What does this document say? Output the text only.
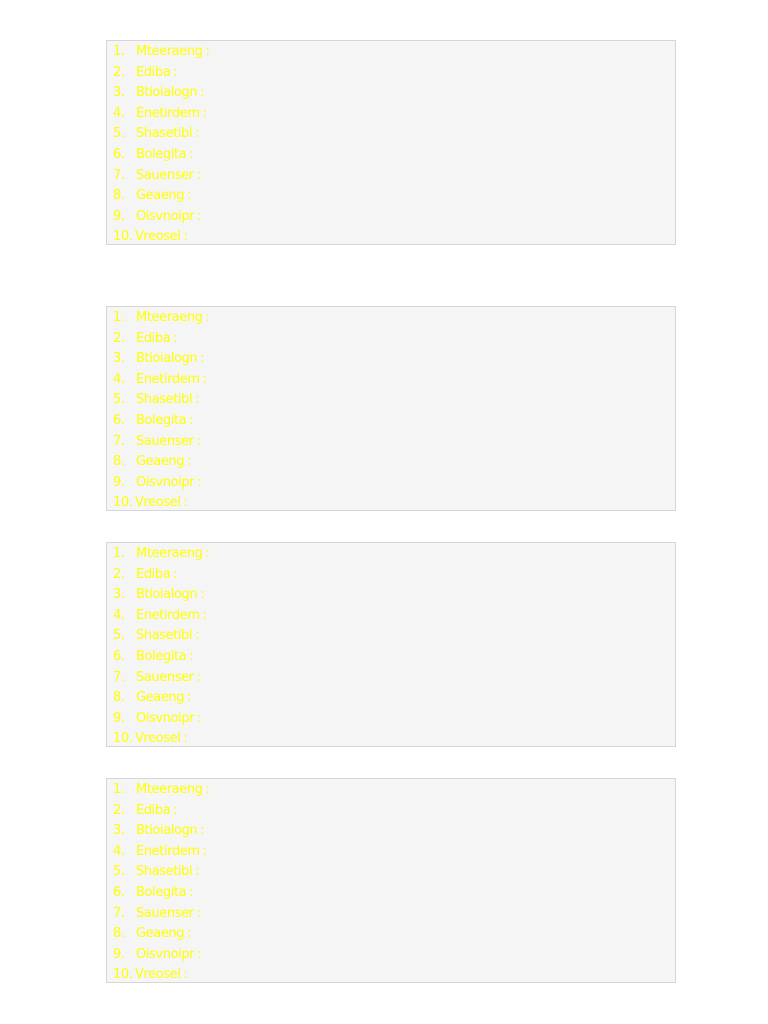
1. Mteeraeng :
2. Ediba :
3. Btioialogn :
4. Enetirdem :
5. Shasetibl :
6. Bolegita :
7. Sauenser :
8. Geaeng :
9. Oisvnoipr :
10. Vreosel :
1. Mteeraeng :
2. Ediba :
3. Btioialogn :
4. Enetirdem :
5. Shasetibl :
6. Bolegita :
7. Sauenser :
8. Geaeng :
9. Oisvnoipr :
10. Vreosel :
1. Mteeraeng :
2. Ediba :
3. Btioialogn :
4. Enetirdem :
5. Shasetibl :
6. Bolegita :
7. Sauenser :
8. Geaeng :
9. Oisvnoipr :
10. Vreosel :
1. Mteeraeng :
2. Ediba :
3. Btioialogn :
4. Enetirdem :
5. Shasetibl :
6. Bolegita :
7. Sauenser :
8. Geaeng :
9. Oisvnoipr :
10. Vreosel :
